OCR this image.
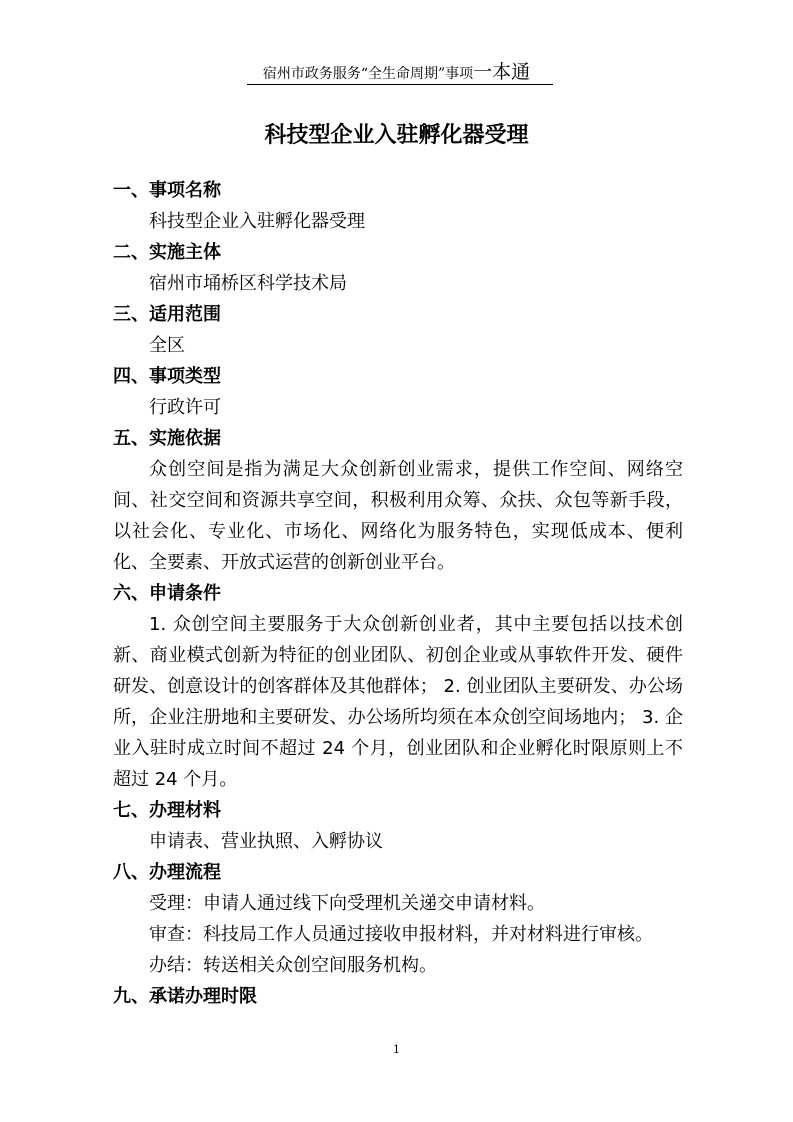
宿州市政务服务“全生命周期”事项一本通
科技型企业入驻孵化器受理
一、事项名称
科技型企业入驻孵化器受理
二、实施主体
宿州市埇桥区科学技术局
三、适用范围
全区
四、事项类型
行政许可
五、实施依据

众创空间是指为满足大众创新创业需求，提供工作空间、网络空间、社交空间和资源共享空间，积极利用众筹、众扶、众包等新手段，以社会化、专业化、市场化、网络化为服务特色，实现低成本、便利化、全要素、开放式运营的创新创业平台。

六、申请条件

1. 众创空间主要服务于大众创新创业者，其中主要包括以技术创新、商业模式创新为特征的创业团队、初创企业或从事软件开发、硬件研发、创意设计的创客群体及其他群体； 2. 创业团队主要研发、办公场所，企业注册地和主要研发、办公场所均须在本众创空间场地内； 3. 企业入驻时成立时间不超过 24 个月，创业团队和企业孵化时限原则上不超过 24 个月。

七、办理材料
申请表、营业执照、入孵协议
八、办理流程
受理：申请人通过线下向受理机关递交申请材料。
审查：科技局工作人员通过接收申报材料，并对材料进行审核。
办结：转送相关众创空间服务机构。
九、承诺办理时限
1
